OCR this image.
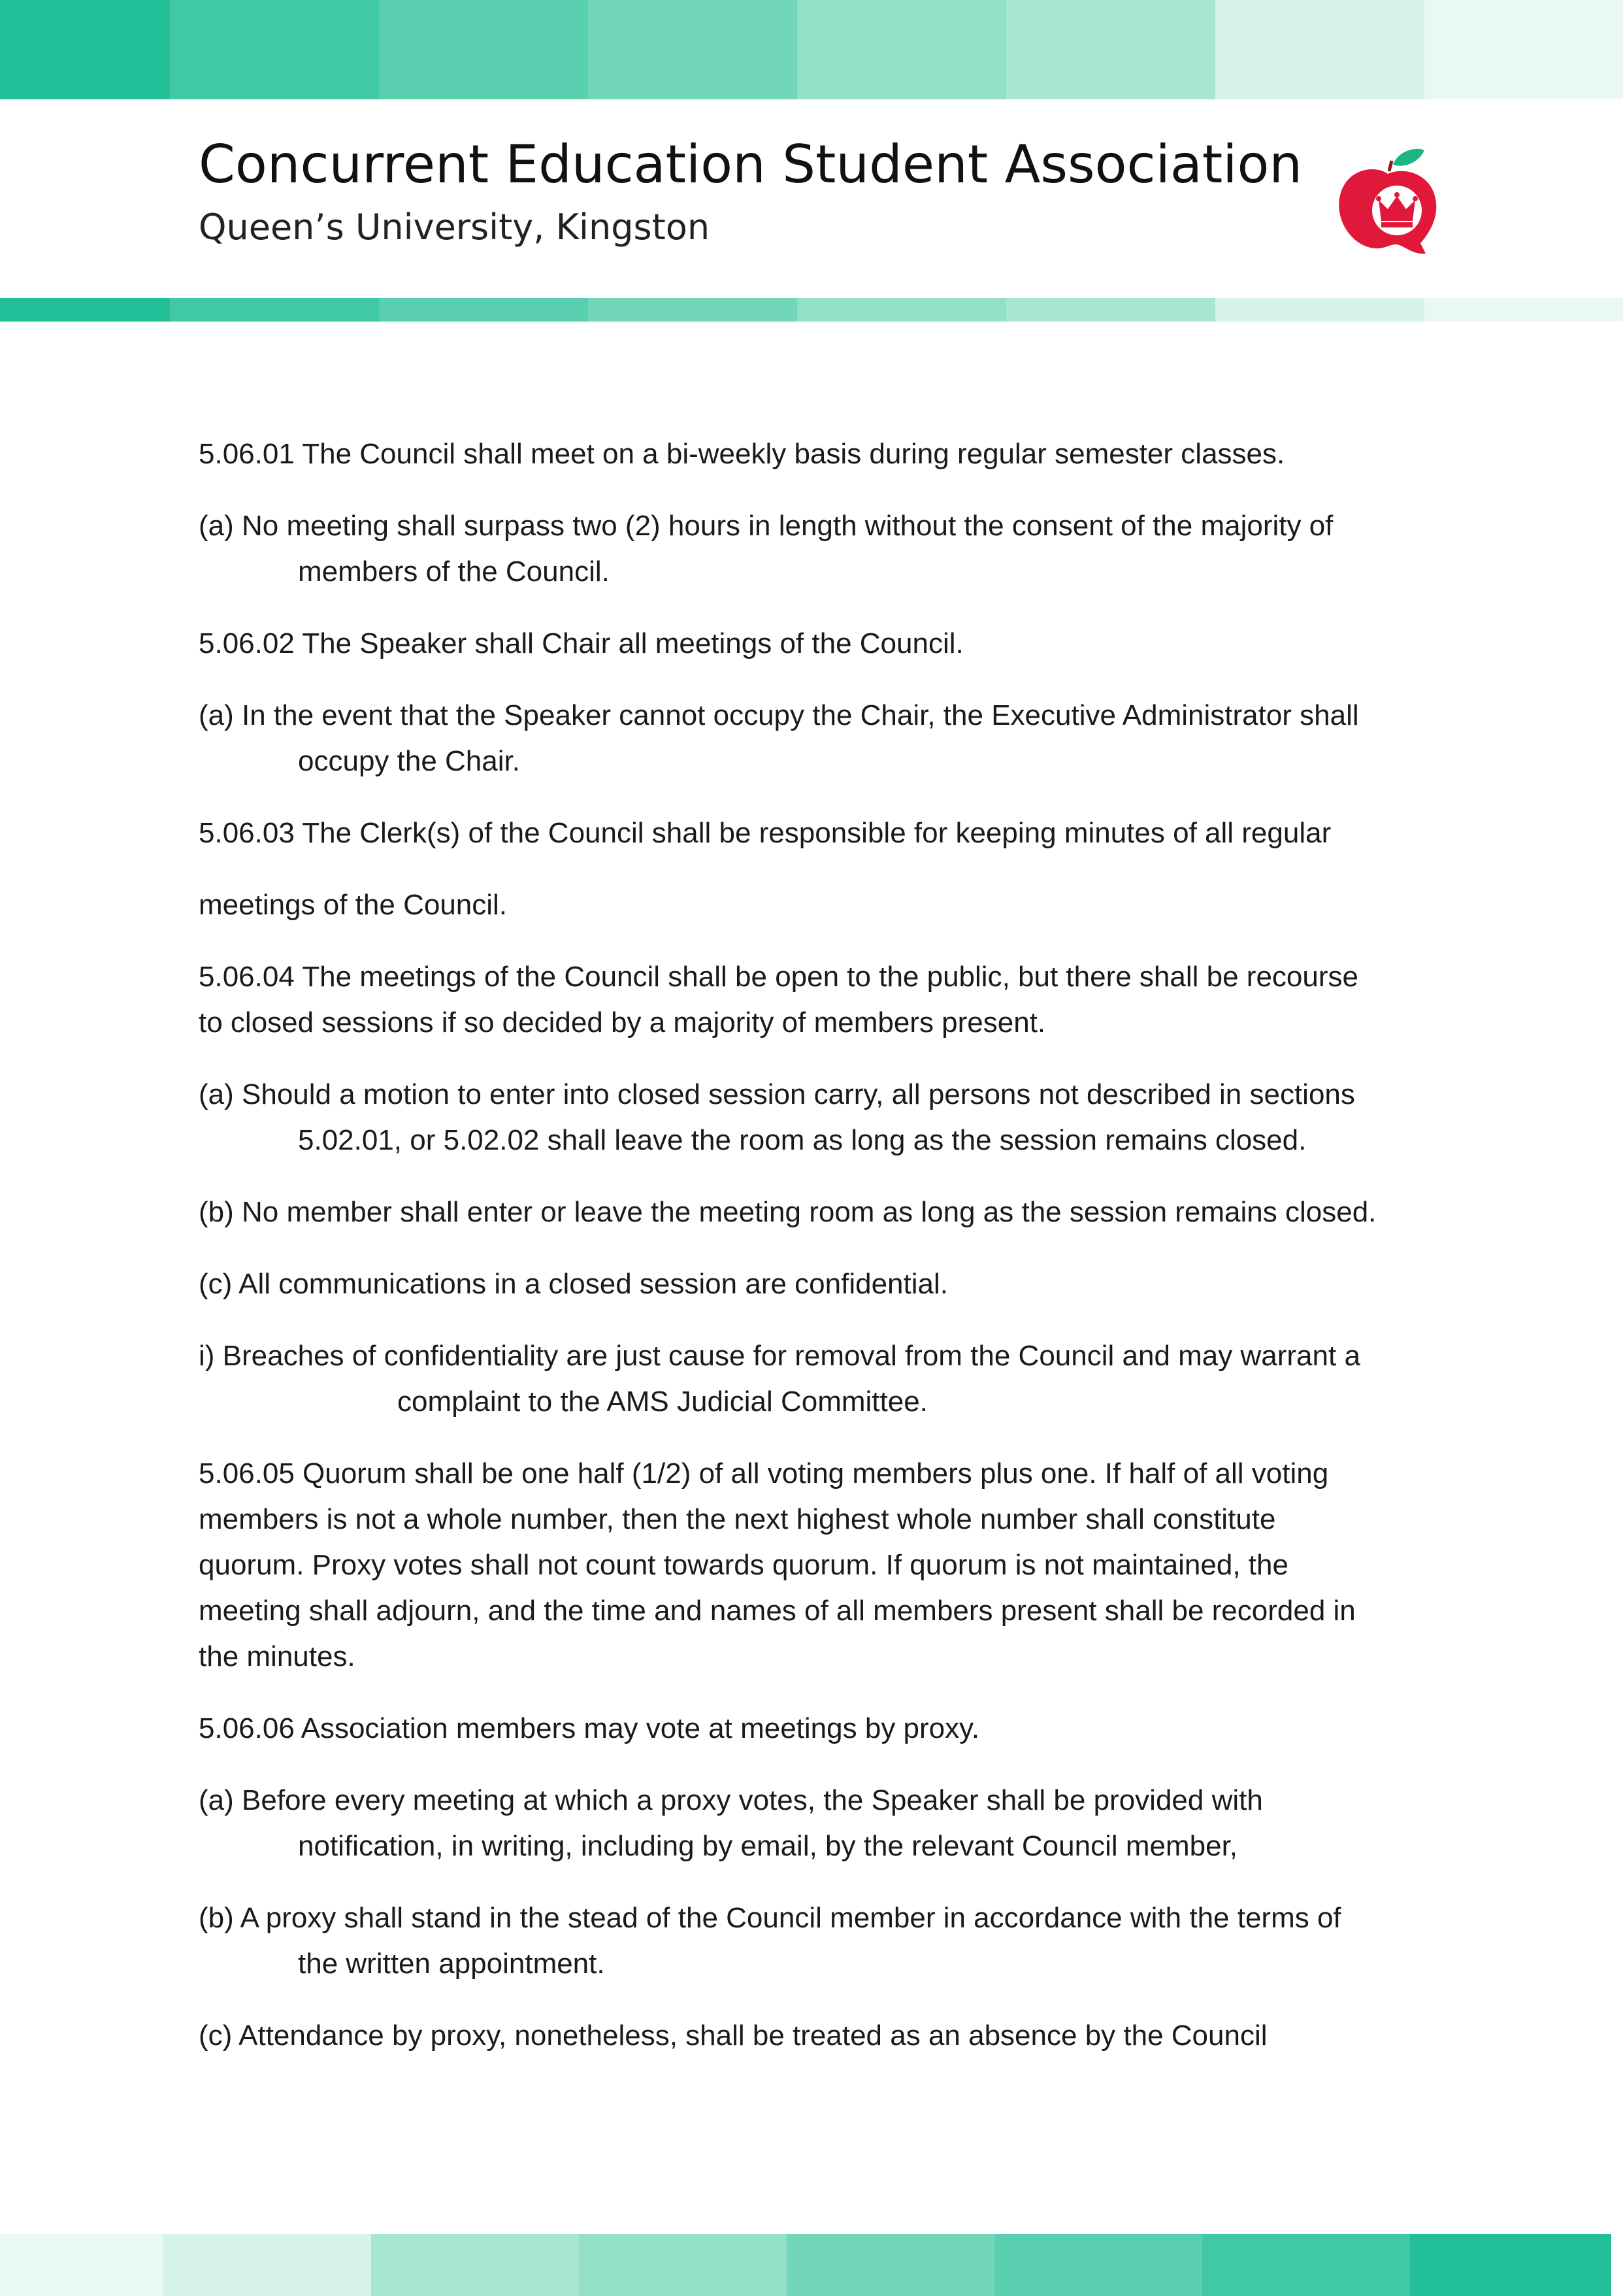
Concurrent Education Student Association
Queen’s University, Kingston

5.06.01 The Council shall meet on a bi-weekly basis during regular semester classes.

(a) No meeting shall surpass two (2) hours in length without the consent of the majority of
members of the Council.

5.06.02 The Speaker shall Chair all meetings of the Council.

(a) In the event that the Speaker cannot occupy the Chair, the Executive Administrator shall
occupy the Chair.

5.06.03 The Clerk(s) of the Council shall be responsible for keeping minutes of all regular

meetings of the Council.

5.06.04 The meetings of the Council shall be open to the public, but there shall be recourse
to closed sessions if so decided by a majority of members present.

(a) Should a motion to enter into closed session carry, all persons not described in sections
5.02.01, or 5.02.02 shall leave the room as long as the session remains closed.

(b) No member shall enter or leave the meeting room as long as the session remains closed.

(c) All communications in a closed session are confidential.

i) Breaches of confidentiality are just cause for removal from the Council and may warrant a
complaint to the AMS Judicial Committee.

5.06.05 Quorum shall be one half (1/2) of all voting members plus one. If half of all voting
members is not a whole number, then the next highest whole number shall constitute
quorum. Proxy votes shall not count towards quorum. If quorum is not maintained, the
meeting shall adjourn, and the time and names of all members present shall be recorded in
the minutes.

5.06.06 Association members may vote at meetings by proxy.

(a) Before every meeting at which a proxy votes, the Speaker shall be provided with
notification, in writing, including by email, by the relevant Council member,

(b) A proxy shall stand in the stead of the Council member in accordance with the terms of
the written appointment.

(c) Attendance by proxy, nonetheless, shall be treated as an absence by the Council
